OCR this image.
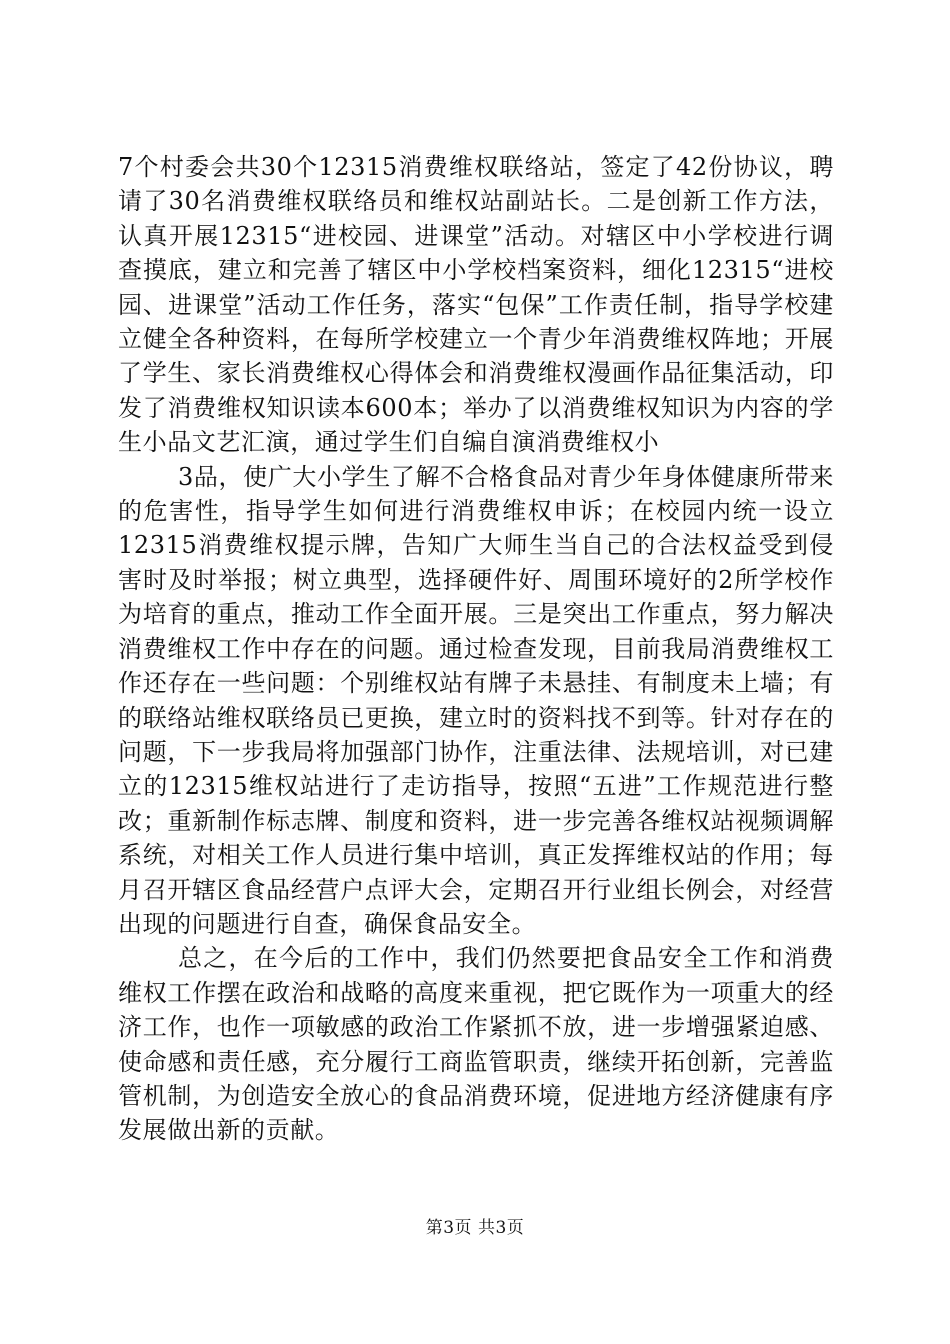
7个村委会共30个12315消费维权联络站，签定了42份协议，聘请了30名消费维权联络员和维权站副站长。二是创新工作方法，认真开展12315“进校园、进课堂”活动。对辖区中小学校进行调查摸底，建立和完善了辖区中小学校档案资料，细化12315“进校园、进课堂”活动工作任务，落实“包保”工作责任制，指导学校建立健全各种资料，在每所学校建立一个青少年消费维权阵地；开展了学生、家长消费维权心得体会和消费维权漫画作品征集活动，印发了消费维权知识读本600本；举办了以消费维权知识为内容的学生小品文艺汇演，通过学生们自编自演消费维权小

3品，使广大小学生了解不合格食品对青少年身体健康所带来的危害性，指导学生如何进行消费维权申诉；在校园内统一设立12315消费维权提示牌，告知广大师生当自己的合法权益受到侵害时及时举报；树立典型，选择硬件好、周围环境好的2所学校作为培育的重点，推动工作全面开展。三是突出工作重点，努力解决消费维权工作中存在的问题。通过检查发现，目前我局消费维权工作还存在一些问题：个别维权站有牌子未悬挂、有制度未上墙；有的联络站维权联络员已更换，建立时的资料找不到等。针对存在的问题，下一步我局将加强部门协作，注重法律、法规培训，对已建立的12315维权站进行了走访指导，按照“五进”工作规范进行整改；重新制作标志牌、制度和资料，进一步完善各维权站视频调解系统，对相关工作人员进行集中培训，真正发挥维权站的作用；每月召开辖区食品经营户点评大会，定期召开行业组长例会，对经营出现的问题进行自查，确保食品安全。

总之，在今后的工作中，我们仍然要把食品安全工作和消费维权工作摆在政治和战略的高度来重视，把它既作为一项重大的经济工作，也作一项敏感的政治工作紧抓不放，进一步增强紧迫感、使命感和责任感，充分履行工商监管职责，继续开拓创新，完善监管机制，为创造安全放心的食品消费环境，促进地方经济健康有序发展做出新的贡献。

第3页 共3页
